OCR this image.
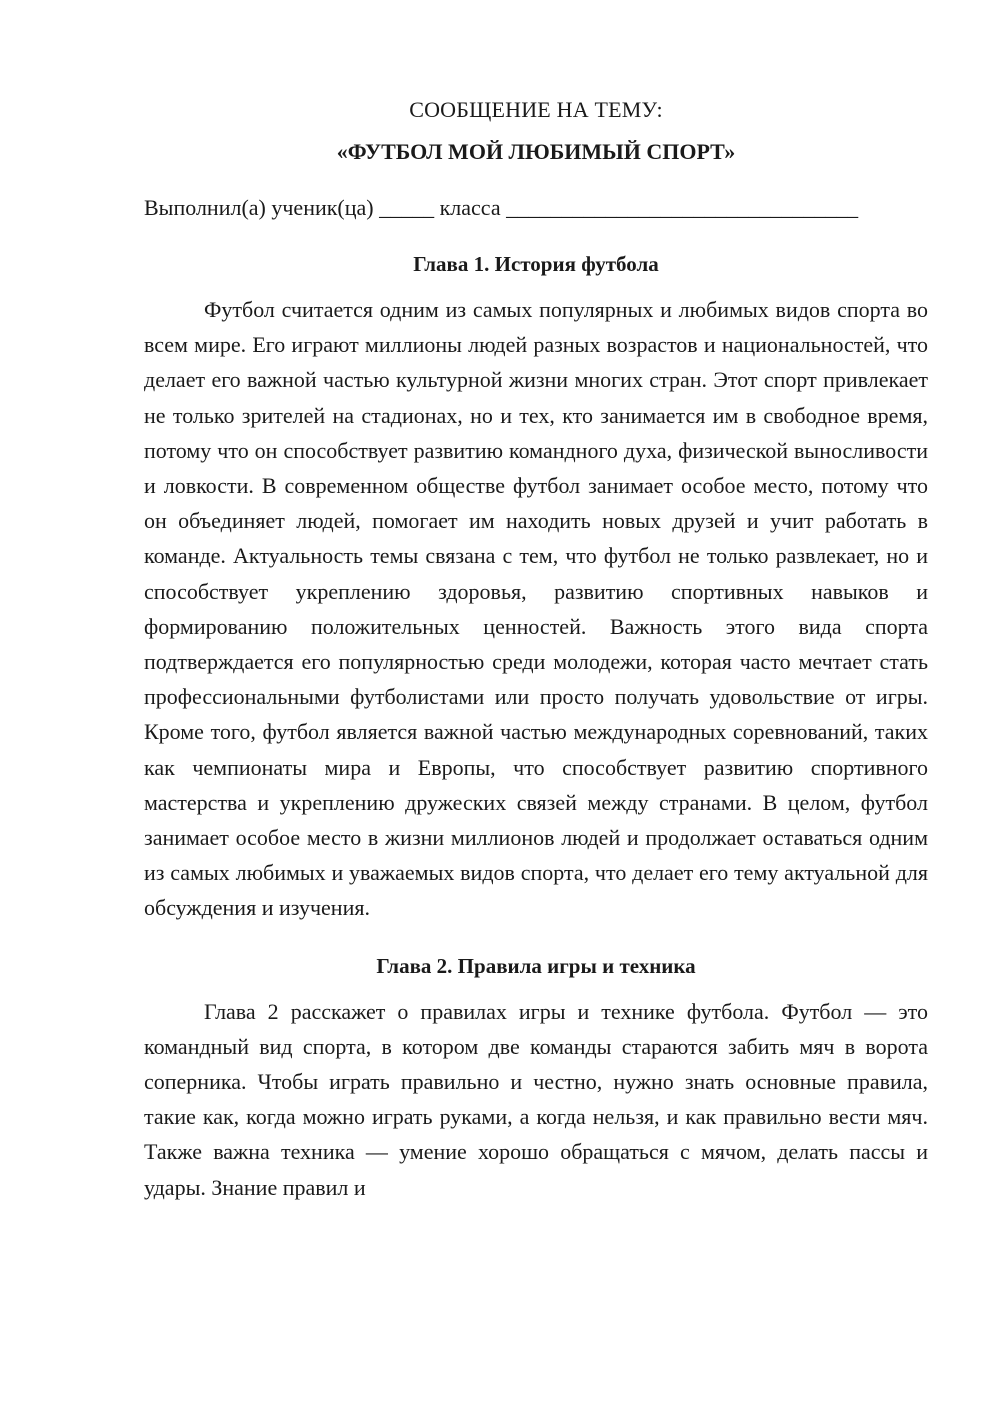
СООБЩЕНИЕ НА ТЕМУ:
«ФУТБОЛ МОЙ ЛЮБИМЫЙ СПОРТ»
Выполнил(а) ученик(ца) _____ класса ________________________________
Глава 1. История футбола

Футбол считается одним из самых популярных и любимых видов спорта во всем мире. Его играют миллионы людей разных возрастов и национальностей, что делает его важной частью культурной жизни многих стран. Этот спорт привлекает не только зрителей на стадионах, но и тех, кто занимается им в свободное время, потому что он способствует развитию командного духа, физической выносливости и ловкости. В современном обществе футбол занимает особое место, потому что он объединяет людей, помогает им находить новых друзей и учит работать в команде. Актуальность темы связана с тем, что футбол не только развлекает, но и способствует укреплению здоровья, развитию спортивных навыков и формированию положительных ценностей. Важность этого вида спорта подтверждается его популярностью среди молодежи, которая часто мечтает стать профессиональными футболистами или просто получать удовольствие от игры. Кроме того, футбол является важной частью международных соревнований, таких как чемпионаты мира и Европы, что способствует развитию спортивного мастерства и укреплению дружеских связей между странами. В целом, футбол занимает особое место в жизни миллионов людей и продолжает оставаться одним из самых любимых и уважаемых видов спорта, что делает его тему актуальной для обсуждения и изучения.

Глава 2. Правила игры и техника

Глава 2 расскажет о правилах игры и технике футбола. Футбол — это командный вид спорта, в котором две команды стараются забить мяч в ворота соперника. Чтобы играть правильно и честно, нужно знать основные правила, такие как, когда можно играть руками, а когда нельзя, и как правильно вести мяч. Также важна техника — умение хорошо обращаться с мячом, делать пассы и удары. Знание правил и
